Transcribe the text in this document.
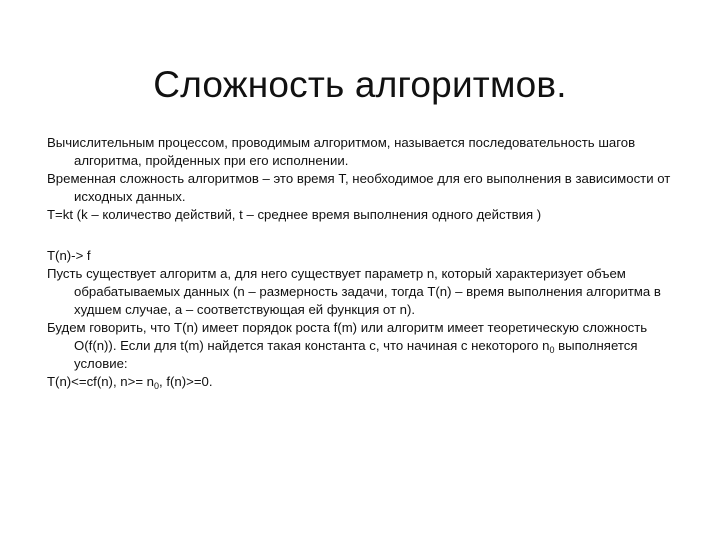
Сложность алгоритмов.

Вычислительным процессом, проводимым алгоритмом, называется последовательность шагов алгоритма, пройденных при его исполнении.

Временная сложность алгоритмов – это время Т, необходимое для его выполнения в зависимости от исходных данных.

T=kt (k – количество действий, t – среднее время выполнения одного действия )

T(n)-> f

Пусть существует алгоритм а, для него существует параметр n, который характеризует объем обрабатываемых данных (n – размерность задачи, тогда T(n) – время выполнения алгоритма в худшем случае, а – соответствующая ей функция от n).

Будем говорить, что T(n) имеет порядок роста f(m) или алгоритм имеет теоретическую сложность O(f(n)). Если для t(m) найдется такая константа с, что начиная с некоторого $n_0$ выполняется условие:

T(n)<=cf(n), $n>= n_0$, f(n)>=0.
